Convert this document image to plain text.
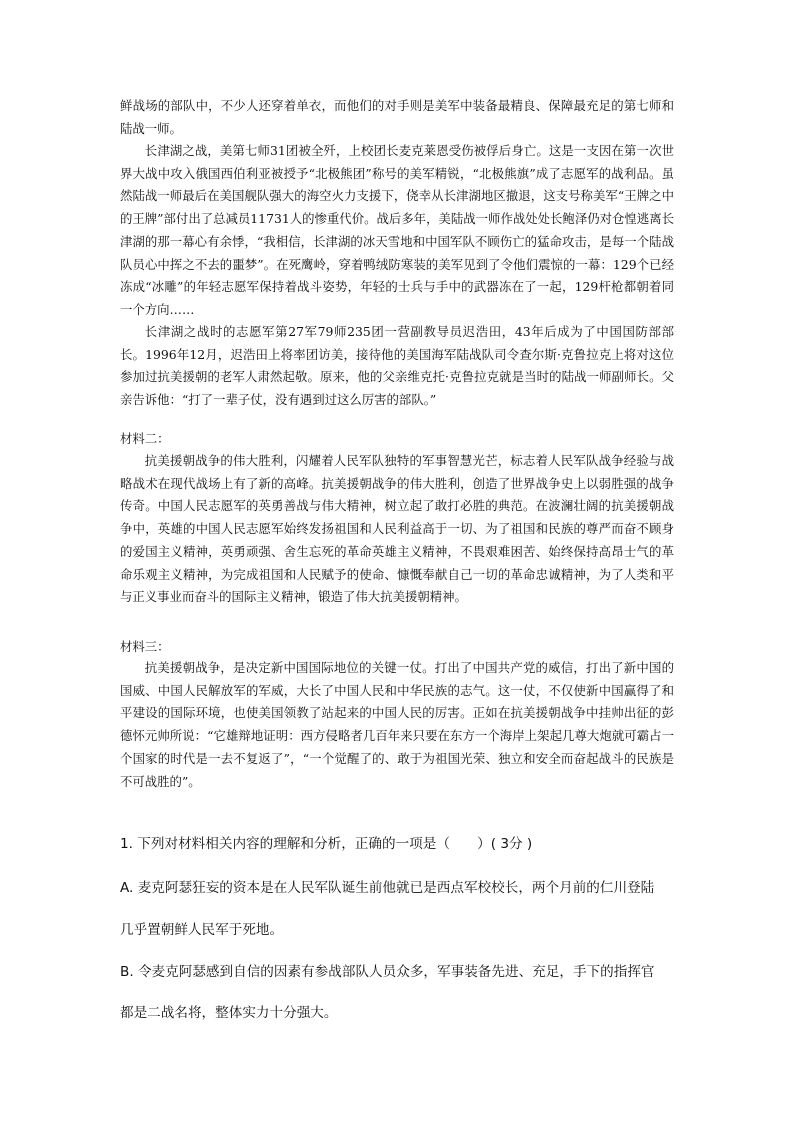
鲜战场的部队中，不少人还穿着单衣，而他们的对手则是美军中装备最精良、保障最充足的第七师和陆战一师。

长津湖之战，美第七师31团被全歼，上校团长麦克莱恩受伤被俘后身亡。这是一支因在第一次世界大战中攻入俄国西伯利亚被授予“北极熊团”称号的美军精锐，“北极熊旗”成了志愿军的战利品。虽然陆战一师最后在美国舰队强大的海空火力支援下，侥幸从长津湖地区撤退，这支号称美军“王牌之中的王牌”部付出了总减员11731人的惨重代价。战后多年，美陆战一师作战处处长鲍泽仍对仓惶逃离长津湖的那一幕心有余悸，“我相信，长津湖的冰天雪地和中国军队不顾伤亡的猛命攻击，是每一个陆战队员心中挥之不去的噩梦”。在死鹰岭，穿着鸭绒防寒装的美军见到了令他们震惊的一幕：129个已经冻成“冰雕”的年轻志愿军保持着战斗姿势，年轻的士兵与手中的武器冻在了一起，129杆枪都朝着同一个方向……

长津湖之战时的志愿军第27军79师235团一营副教导员迟浩田，43年后成为了中国国防部部长。1996年12月，迟浩田上将率团访美，接待他的美国海军陆战队司令查尔斯·克鲁拉克上将对这位参加过抗美援朝的老军人肃然起敬。原来，他的父亲维克托·克鲁拉克就是当时的陆战一师副师长。父亲告诉他：“打了一辈子仗，没有遇到过这么厉害的部队。”

材料二：

抗美援朝战争的伟大胜利，闪耀着人民军队独特的军事智慧光芒，标志着人民军队战争经验与战略战术在现代战场上有了新的高峰。抗美援朝战争的伟大胜利，创造了世界战争史上以弱胜强的战争传奇。中国人民志愿军的英勇善战与伟大精神，树立起了敢打必胜的典范。在波澜壮阔的抗美援朝战争中，英雄的中国人民志愿军始终发扬祖国和人民利益高于一切、为了祖国和民族的尊严而奋不顾身的爱国主义精神，英勇顽强、舍生忘死的革命英雄主义精神，不畏艰难困苦、始终保持高昂士气的革命乐观主义精神，为完成祖国和人民赋予的使命、慷慨奉献自己一切的革命忠诚精神，为了人类和平与正义事业而奋斗的国际主义精神，锻造了伟大抗美援朝精神。

材料三：

抗美援朝战争，是决定新中国国际地位的关键一仗。打出了中国共产党的威信，打出了新中国的国威、中国人民解放军的军威，大长了中国人民和中华民族的志气。这一仗，不仅使新中国赢得了和平建设的国际环境，也使美国领教了站起来的中国人民的厉害。正如在抗美援朝战争中挂帅出征的彭德怀元帅所说：“它雄辩地证明：西方侵略者几百年来只要在东方一个海岸上架起几尊大炮就可霸占一个国家的时代是一去不复返了”，“一个觉醒了的、敢于为祖国光荣、独立和安全而奋起战斗的民族是不可战胜的”。

1. 下列对材料相关内容的理解和分析，正确的一项是（　　）( 3分 )

A. 麦克阿瑟狂妄的资本是在人民军队诞生前他就已是西点军校校长，两个月前的仁川登陆

几乎置朝鲜人民军于死地。

B. 令麦克阿瑟感到自信的因素有参战部队人员众多，军事装备先进、充足，手下的指挥官

都是二战名将，整体实力十分强大。
